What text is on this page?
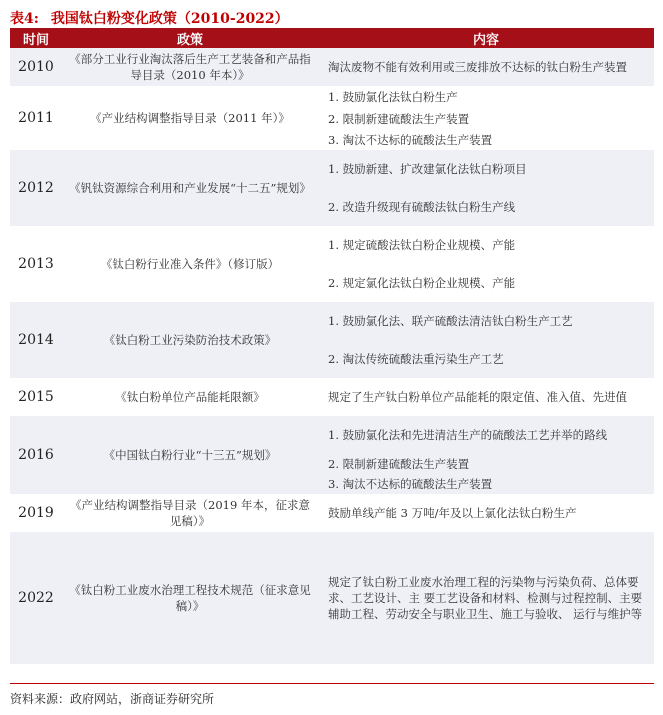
表4: 我国钛白粉变化政策（2010-2022）
时间	政策	内容
2010	《部分工业行业淘汰落后生产工艺装备和产品指导目录（2010 年本）》	淘汰废物不能有效利用或三废排放不达标的钛白粉生产装置
2011	《产业结构调整指导目录（2011 年）》	1. 鼓励氯化法钛白粉生产
		2. 限制新建硫酸法生产装置
		3. 淘汰不达标的硫酸法生产装置
2012	《钒钛资源综合利用和产业发展“十二五”规划》	1. 鼓励新建、扩改建氯化法钛白粉项目
		2. 改造升级现有硫酸法钛白粉生产线
2013	《钛白粉行业准入条件》（修订版）	1. 规定硫酸法钛白粉企业规模、产能
		2. 规定氯化法钛白粉企业规模、产能
2014	《钛白粉工业污染防治技术政策》	1. 鼓励氯化法、联产硫酸法清洁钛白粉生产工艺
		2. 淘汰传统硫酸法重污染生产工艺
2015	《钛白粉单位产品能耗限额》	规定了生产钛白粉单位产品能耗的限定值、准入值、先进值
2016	《中国钛白粉行业“十三五”规划》	1. 鼓励氯化法和先进清洁生产的硫酸法工艺并举的路线
		2. 限制新建硫酸法生产装置
		3. 淘汰不达标的硫酸法生产装置
2019	《产业结构调整指导目录（2019 年本，征求意见稿）》	鼓励单线产能 3 万吨/年及以上氯化法钛白粉生产
2022	《钛白粉工业废水治理工程技术规范（征求意见稿）》	规定了钛白粉工业废水治理工程的污染物与污染负荷、总体要求、工艺设计、主 要工艺设备和材料、检测与过程控制、主要辅助工程、劳动安全与职业卫生、施工与验收、 运行与维护等
资料来源：政府网站，浙商证券研究所
